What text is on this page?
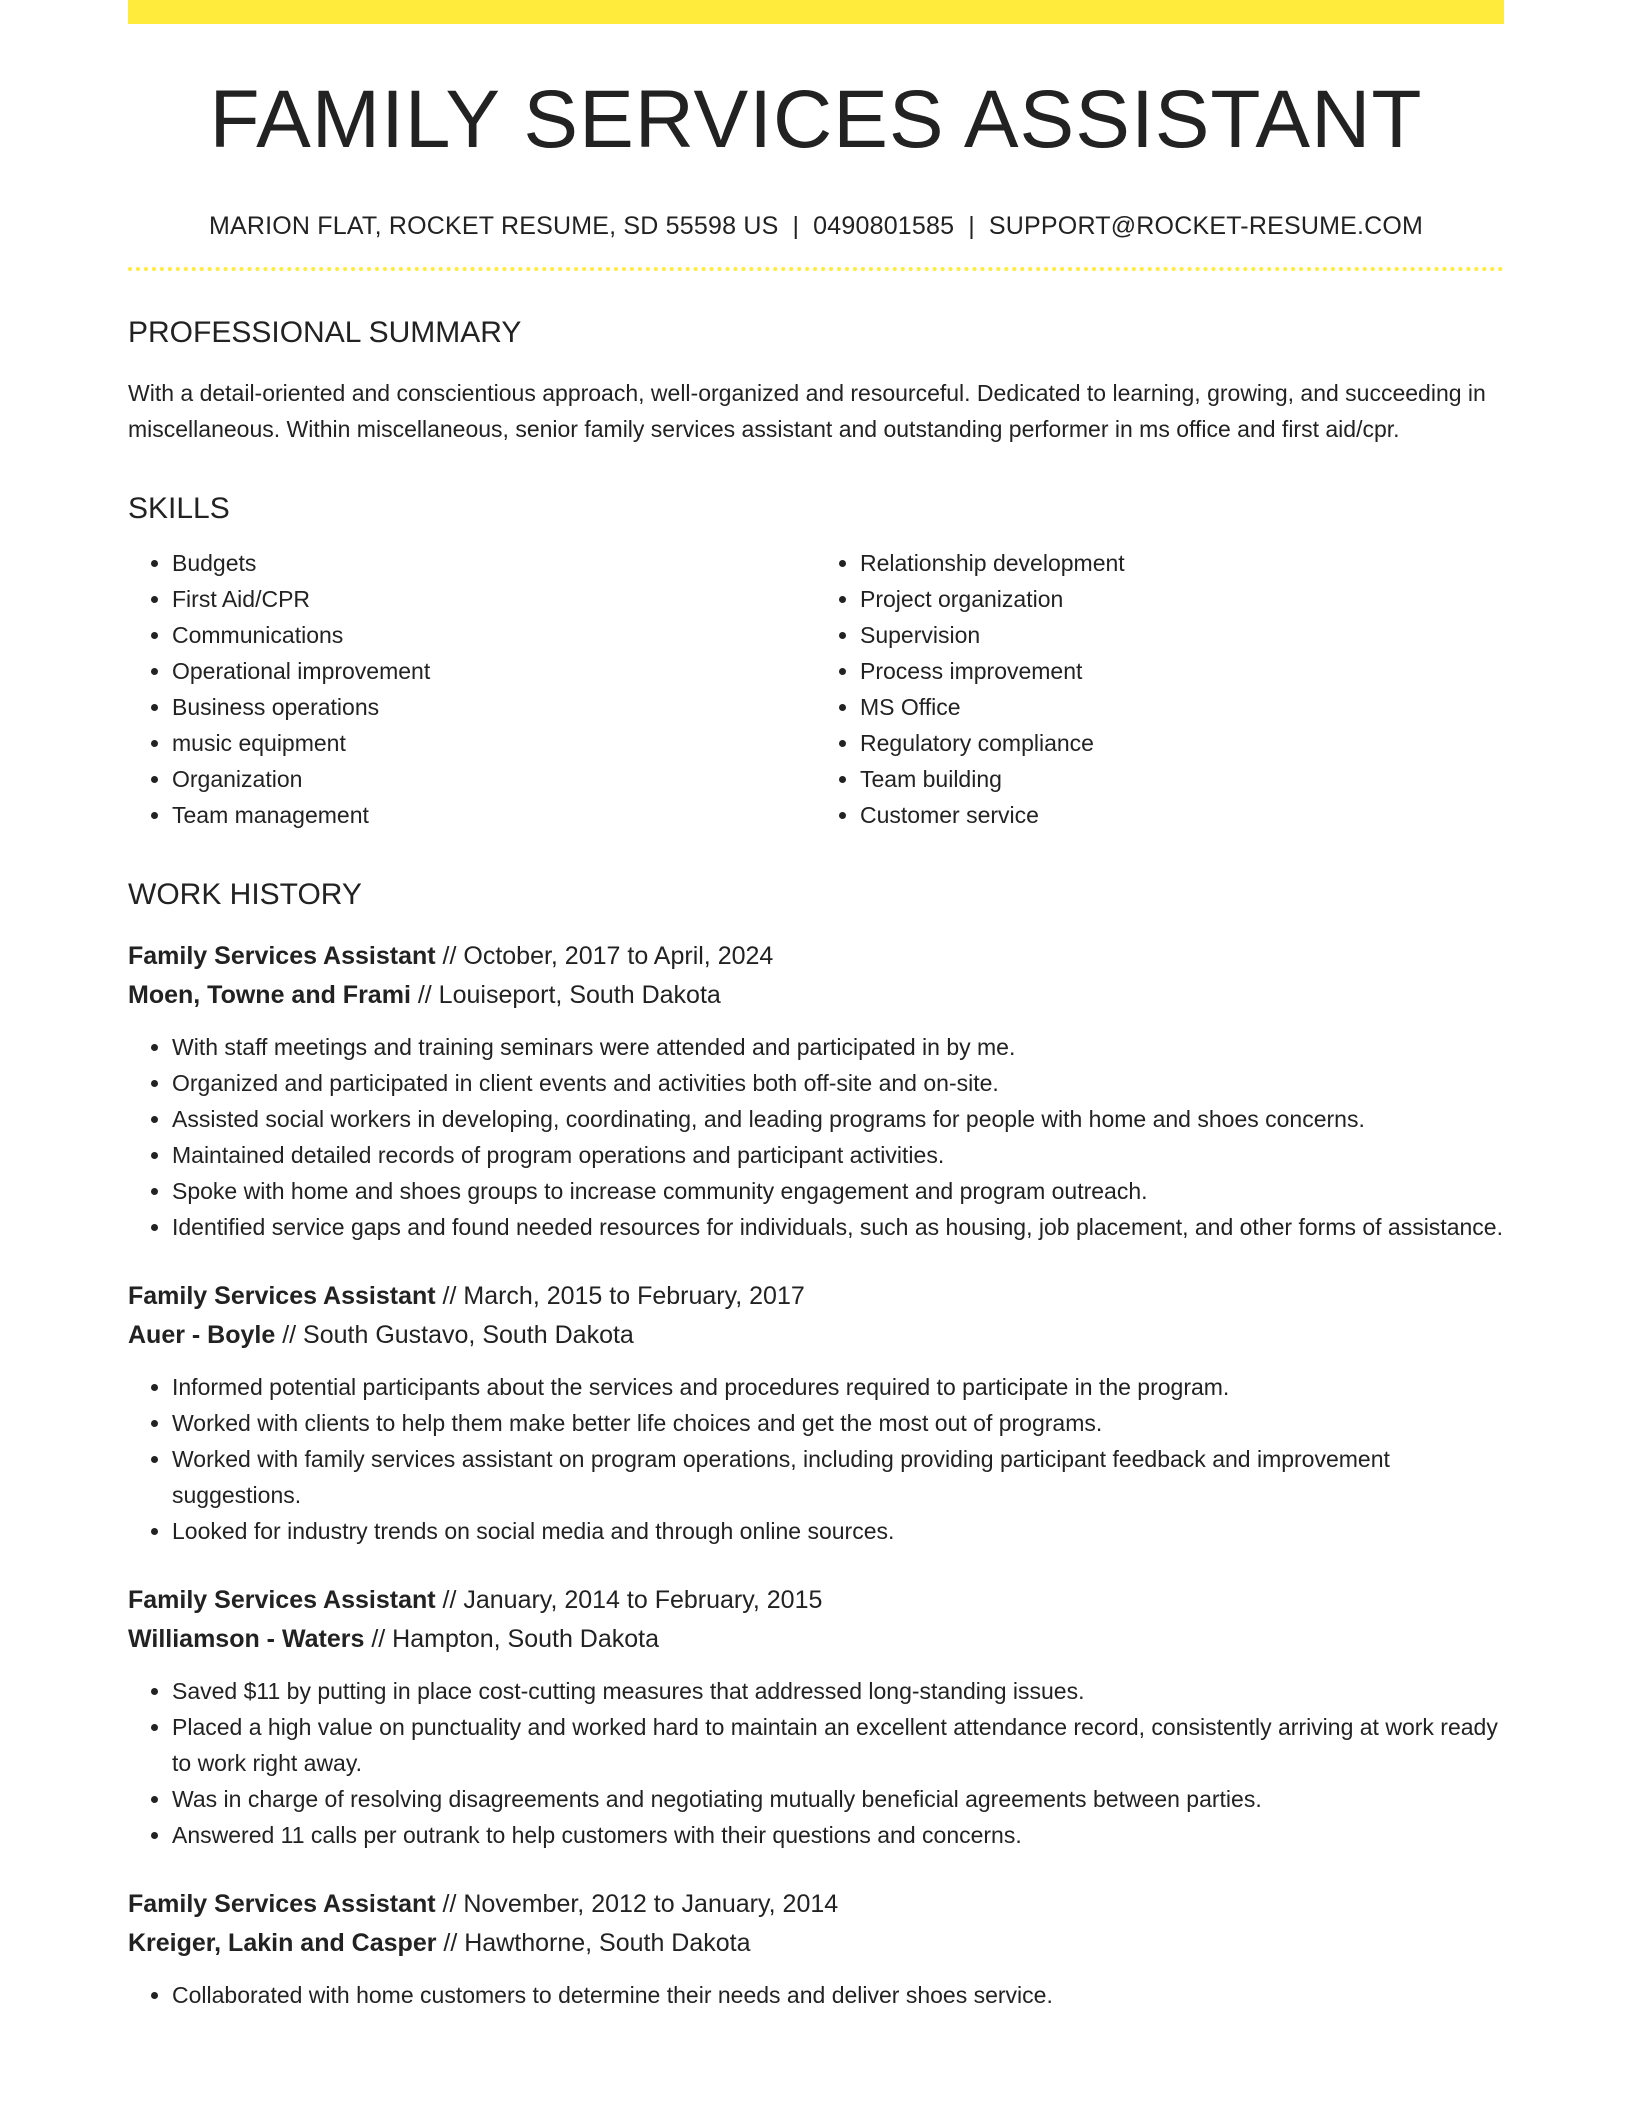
FAMILY SERVICES ASSISTANT
MARION FLAT, ROCKET RESUME, SD 55598 US | 0490801585 | SUPPORT@ROCKET-RESUME.COM
PROFESSIONAL SUMMARY
With a detail-oriented and conscientious approach, well-organized and resourceful. Dedicated to learning, growing, and succeeding in miscellaneous. Within miscellaneous, senior family services assistant and outstanding performer in ms office and first aid/cpr.
SKILLS
• Budgets
• First Aid/CPR
• Communications
• Operational improvement
• Business operations
• music equipment
• Organization
• Team management
• Relationship development
• Project organization
• Supervision
• Process improvement
• MS Office
• Regulatory compliance
• Team building
• Customer service
WORK HISTORY
Family Services Assistant // October, 2017 to April, 2024
Moen, Towne and Frami // Louiseport, South Dakota
• With staff meetings and training seminars were attended and participated in by me.
• Organized and participated in client events and activities both off-site and on-site.
• Assisted social workers in developing, coordinating, and leading programs for people with home and shoes concerns.
• Maintained detailed records of program operations and participant activities.
• Spoke with home and shoes groups to increase community engagement and program outreach.
• Identified service gaps and found needed resources for individuals, such as housing, job placement, and other forms of assistance.
Family Services Assistant // March, 2015 to February, 2017
Auer - Boyle // South Gustavo, South Dakota
• Informed potential participants about the services and procedures required to participate in the program.
• Worked with clients to help them make better life choices and get the most out of programs.
• Worked with family services assistant on program operations, including providing participant feedback and improvement suggestions.
• Looked for industry trends on social media and through online sources.
Family Services Assistant // January, 2014 to February, 2015
Williamson - Waters // Hampton, South Dakota
• Saved $11 by putting in place cost-cutting measures that addressed long-standing issues.
• Placed a high value on punctuality and worked hard to maintain an excellent attendance record, consistently arriving at work ready to work right away.
• Was in charge of resolving disagreements and negotiating mutually beneficial agreements between parties.
• Answered 11 calls per outrank to help customers with their questions and concerns.
Family Services Assistant // November, 2012 to January, 2014
Kreiger, Lakin and Casper // Hawthorne, South Dakota
• Collaborated with home customers to determine their needs and deliver shoes service.
